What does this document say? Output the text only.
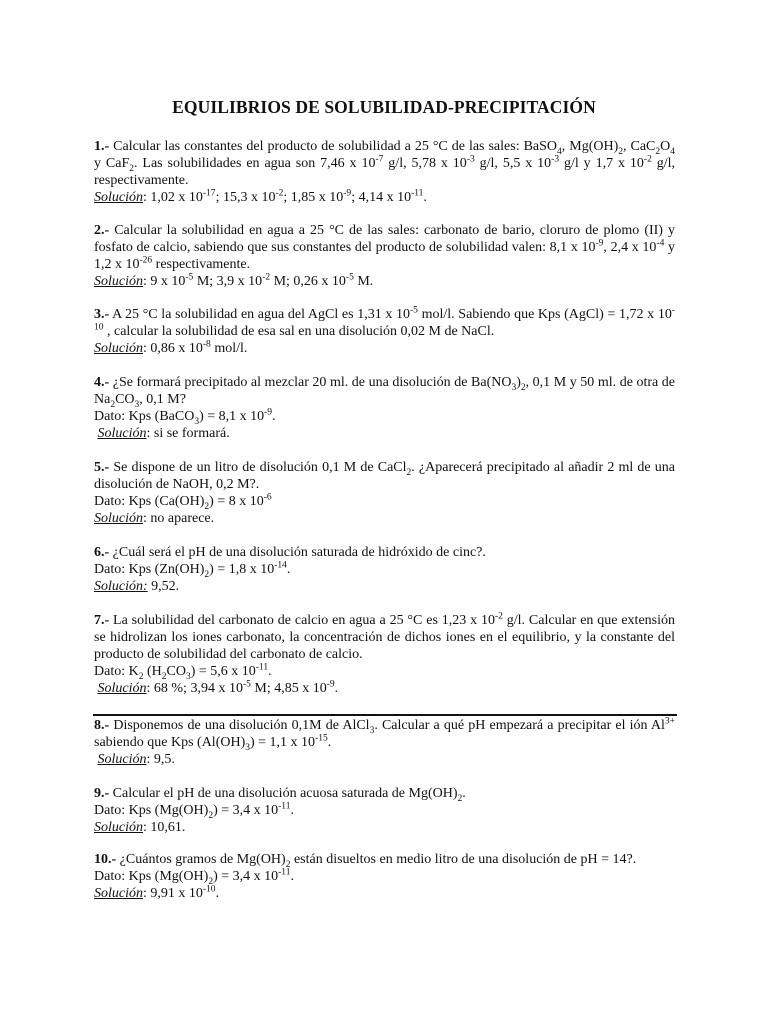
EQUILIBRIOS DE SOLUBILIDAD-PRECIPITACIÓN

1.- Calcular las constantes del producto de solubilidad a 25 °C de las sales: BaSO$_4$, $Mg(OH)_2$, $CaC_2O_4$ y CaF$_2$. Las solubilidades en agua son 7,46 x $10^{-7}$ g/l, 5,78 x $10^{-3}$ g/l, 5,5 x $10^{-3}$ g/l y 1,7 x $10^{-2}$ g/l, respectivamente.

Solución: 1,02 x $10^{-17}$; 15,3 x $10^{-2}$; 1,85 x $10^{-9}$; 4,14 x $10^{-11}$.

2.- Calcular la solubilidad en agua a 25 °C de las sales: carbonato de bario, cloruro de plomo (II) y fosfato de calcio, sabiendo que sus constantes del producto de solubilidad valen: 8,1 x $10^{-9}$, 2,4 x $10^{-4}$ y 1,2 x $10^{-26}$ respectivamente.

Solución: 9 x $10^{-5}$ M; 3,9 x $10^{-2}$ M; 0,26 x $10^{-5}$ M.

3.- A 25 °C la solubilidad en agua del AgCl es 1,31 x $10^{-5}$ mol/l. Sabiendo que Kps (AgCl) = 1,72 x $10^{-10}$ , calcular la solubilidad de esa sal en una disolución 0,02 M de NaCl.

Solución: 0,86 x $10^{-8}$ mol/l.

4.- ¿Se formará precipitado al mezclar 20 ml. de una disolución de $Ba(NO_3)_2$, 0,1 M y 50 ml. de otra de $Na_2CO_3$, 0,1 M?

Dato: Kps (BaCO$_3$) = 8,1 x $10^{-9}$.

Solución: si se formará.

5.- Se dispone de un litro de disolución 0,1 M de CaCl$_2$. ¿Aparecerá precipitado al añadir 2 ml de una disolución de NaOH, 0,2 M?.

Dato: Kps $(Ca(OH)_2) = 8$ x $10^{-6}$

Solución: no aparece.

6.- ¿Cuál será el pH de una disolución saturada de hidróxido de cinc?.

Dato: Kps $(Zn(OH)_2) = 1,8$ x $10^{-14}$.

Solución: 9,52.

7.- La solubilidad del carbonato de calcio en agua a 25 °C es 1,23 x $10^{-2}$ g/l. Calcular en que extensión se hidrolizan los iones carbonato, la concentración de dichos iones en el equilibrio, y la constante del producto de solubilidad del carbonato de calcio.

Dato: $K_2$ $(H_2CO_3) = 5,6$ x $10^{-11}$.

Solución: 68 %; 3,94 x $10^{-5}$ M; 4,85 x $10^{-9}$.

8.- Disponemos de una disolución 0,1M de AlCl$_3$. Calcular a qué pH empezará a precipitar el ión $Al^{3+}$ sabiendo que Kps $(Al(OH)_3) = 1,1$ x $10^{-15}$.

Solución: 9,5.

9.- Calcular el pH de una disolución acuosa saturada de $Mg(OH)_2$.

Dato: Kps $(Mg(OH)_2) = 3,4$ x $10^{-11}$.

Solución: 10,61.

10.- ¿Cuántos gramos de $Mg(OH)_2$ están disueltos en medio litro de una disolución de pH = 14?.

Dato: Kps $(Mg(OH)_2) = 3,4$ x $10^{-11}$.

Solución: 9,91 x $10^{-10}$.
